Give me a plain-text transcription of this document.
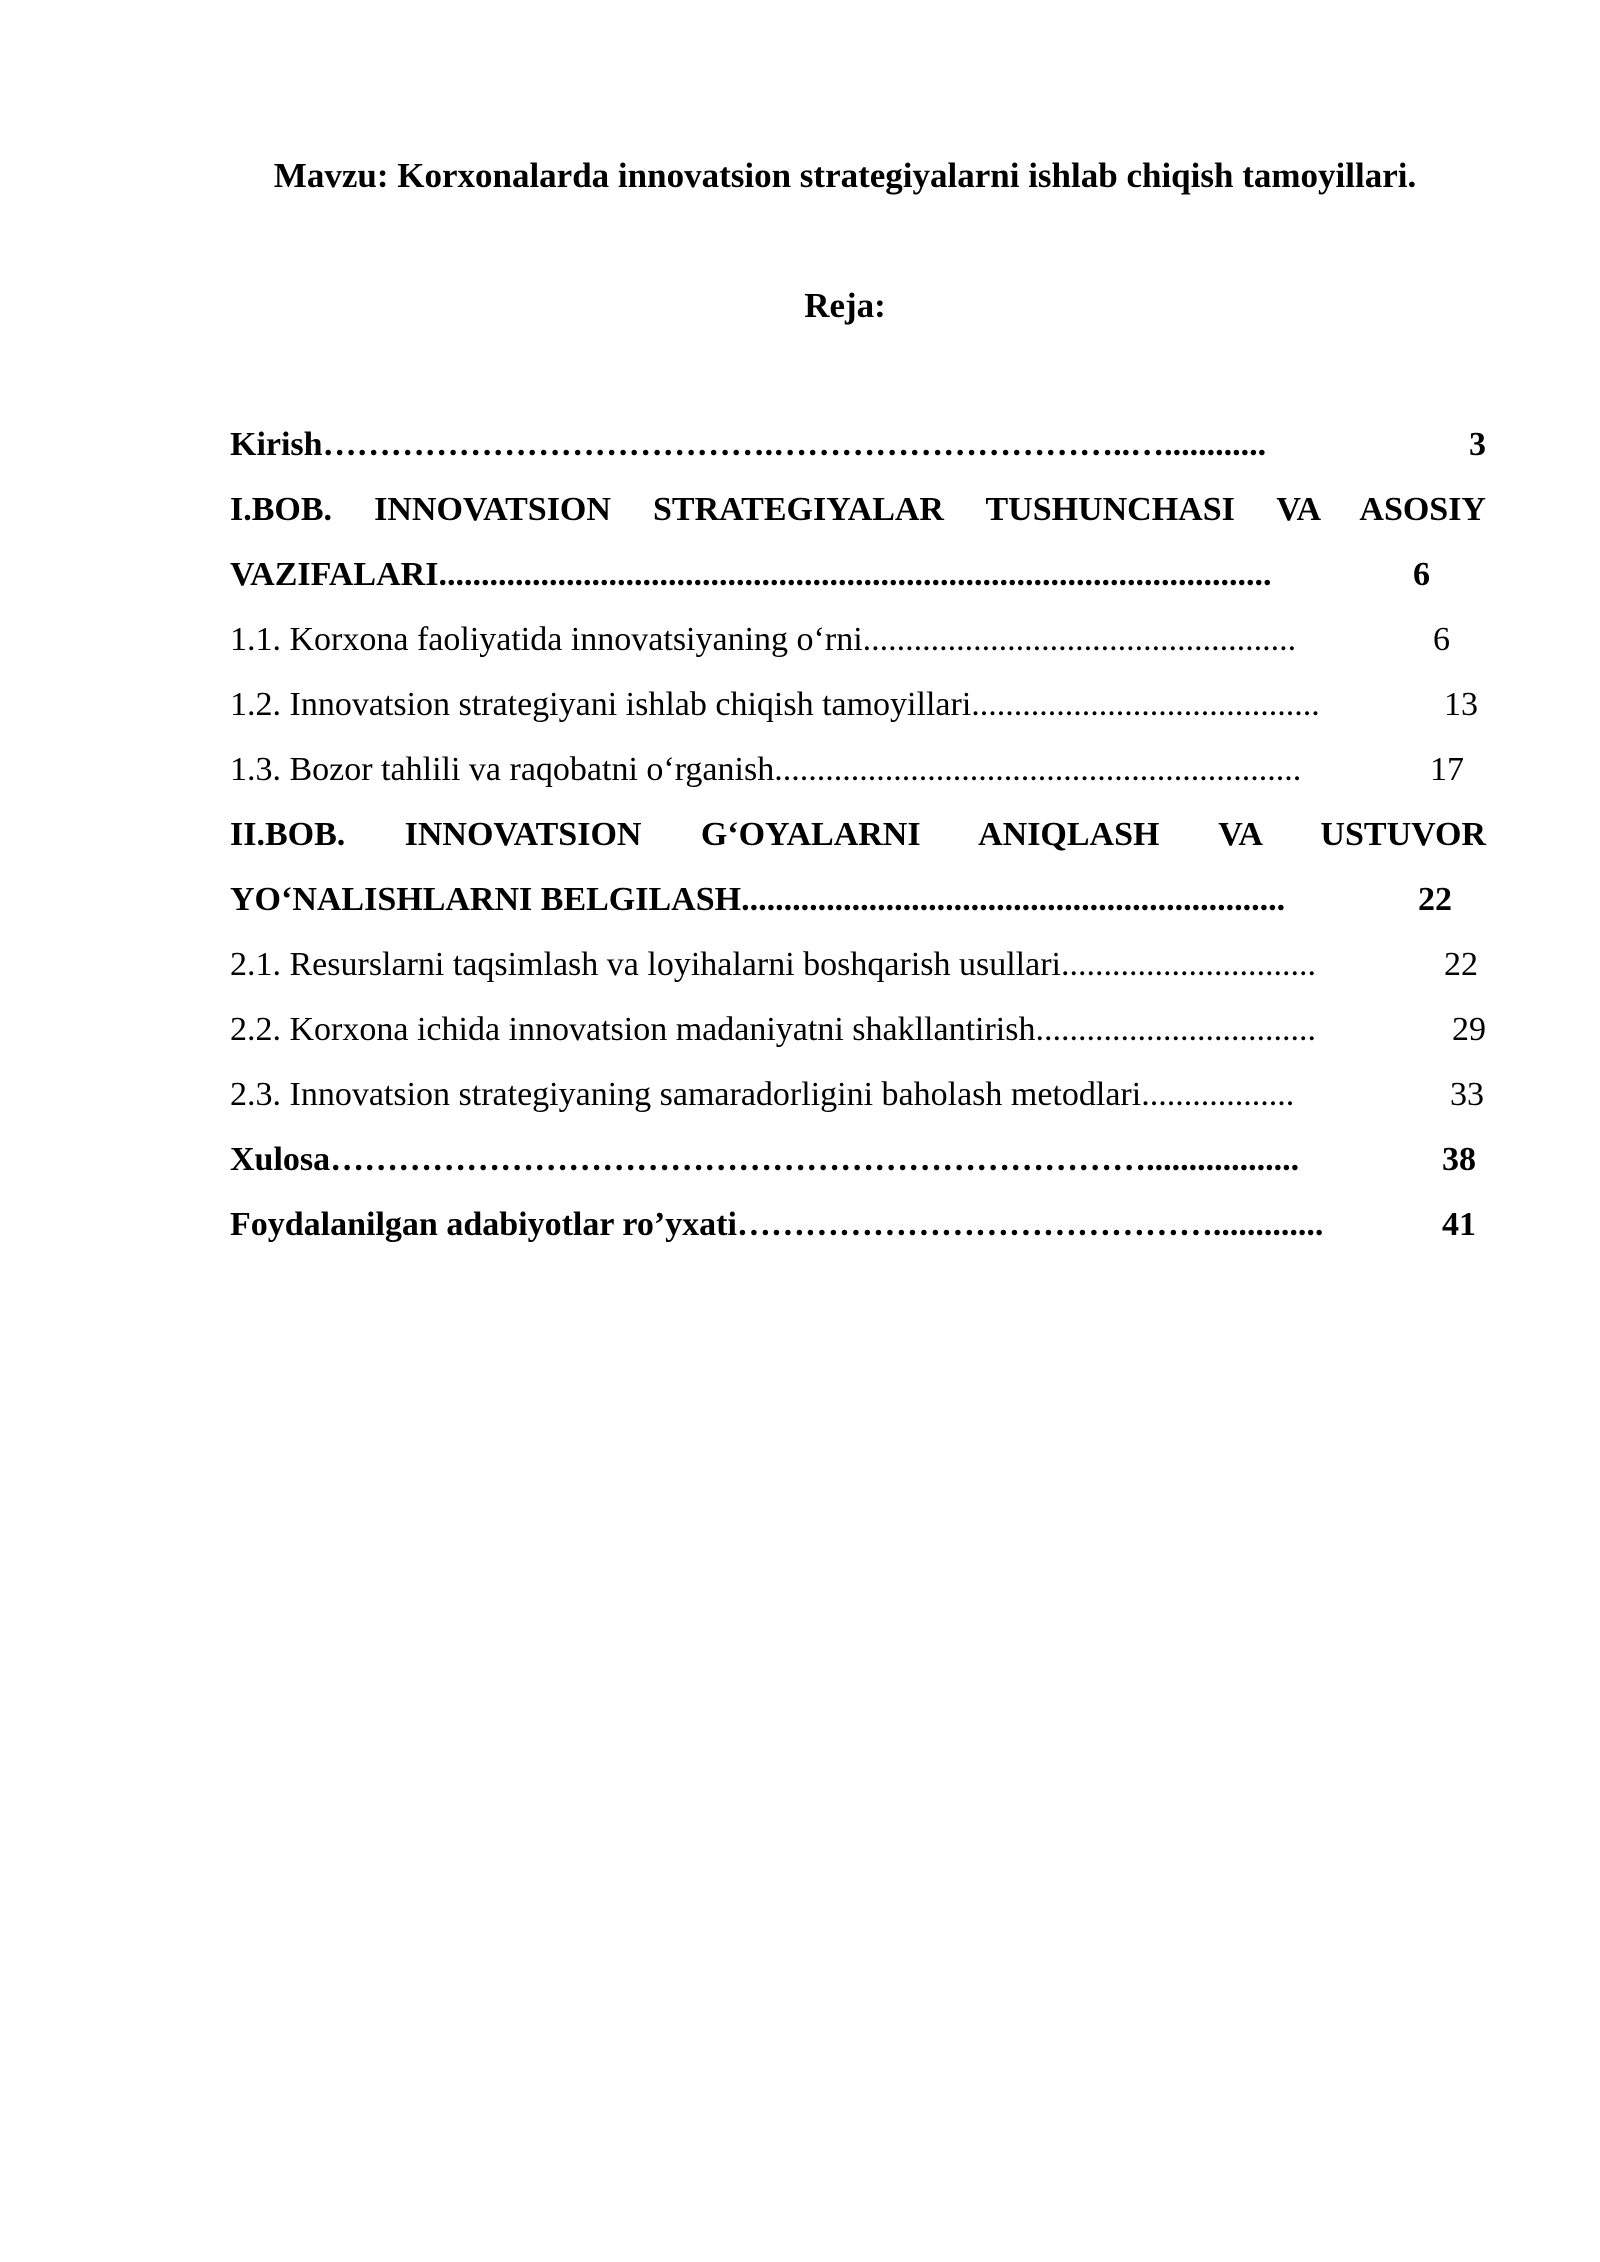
Mavzu: Korxonalarda innovatsion strategiyalarni ishlab chiqish tamoyillari.
Reja:
Kirish ………………………………….…………………………..…............	3
I.BOB. INNOVATSION STRATEGIYALAR TUSHUNCHASI VA ASOSIY
VAZIFALARI ..................................................................................................	6
1.1. Korxona faoliyatida innovatsiyaning o‘rni ...................................................	6
1.2. Innovatsion strategiyani ishlab chiqish tamoyillari .........................................	13
1.3. Bozor tahlili va raqobatni o‘rganish ..............................................................	17
II.BOB. INNOVATSION G‘OYALARNI ANIQLASH VA USTUVOR
YO‘NALISHLARNI BELGILASH ................................................................	22
2.1. Resurslarni taqsimlash va loyihalarni boshqarish usullari ..............................	22
2.2. Korxona ichida innovatsion madaniyatni shakllantirish .................................	29
2.3. Innovatsion strategiyaning samaradorligini baholash metodlari ..................	33
Xulosa ………………………………………………………………..................	38
Foydalanilgan adabiyotlar ro’yxati …………………………………….............	41
